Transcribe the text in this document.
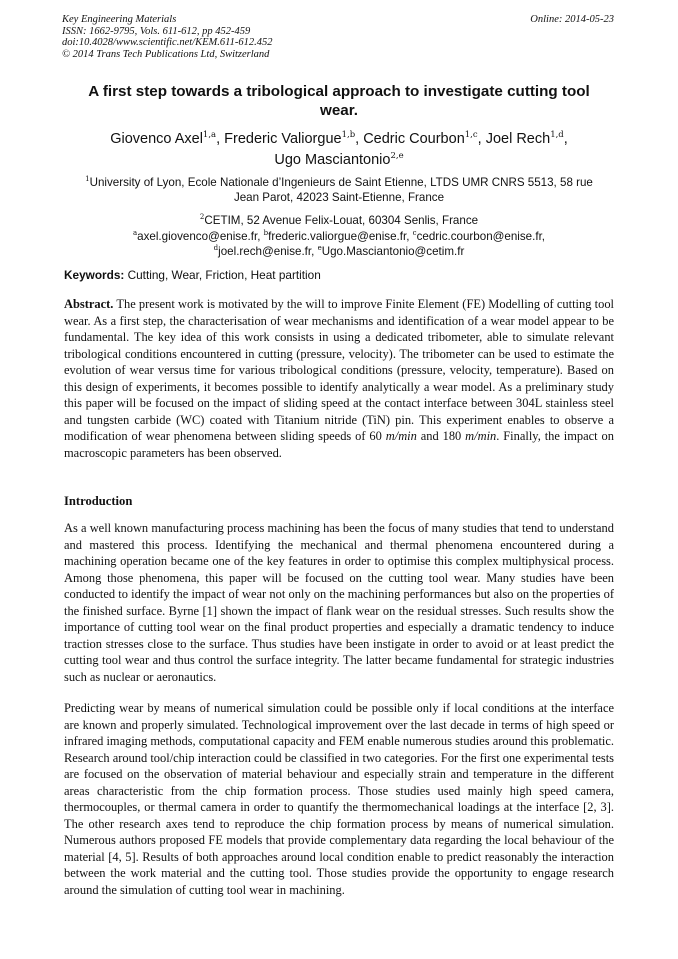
Key Engineering Materials
ISSN: 1662-9795, Vols. 611-612, pp 452-459
doi:10.4028/www.scientific.net/KEM.611-612.452
© 2014 Trans Tech Publications Ltd, Switzerland
Online: 2014-05-23
A first step towards a tribological approach to investigate cutting tool
wear.
Giovenco Axel$^{1,a}$, Frederic Valiorgue$^{1,b}$, Cedric Courbon$^{1,c}$, Joel Rech$^{1,d}$,
Ugo Masciantonio$^{2,e}$
$^1$University of Lyon, Ecole Nationale d’Ingenieurs de Saint Etienne, LTDS UMR CNRS 5513, 58 rue
Jean Parot, 42023 Saint-Etienne, France
$^2$CETIM, 52 Avenue Felix-Louat, 60304 Senlis, France
$^a$axel.giovenco@enise.fr, $^b$frederic.valiorgue@enise.fr, $^c$cedric.courbon@enise.fr,
$^d$joel.rech@enise.fr, $^e$Ugo.Masciantonio@cetim.fr
Keywords: Cutting, Wear, Friction, Heat partition
Abstract. The present work is motivated by the will to improve Finite Element (FE) Modelling of cutting tool wear. As a first step, the characterisation of wear mechanisms and identification of a wear model appear to be fundamental. The key idea of this work consists in using a dedicated tribometer, able to simulate relevant tribological conditions encountered in cutting (pressure, velocity). The tribometer can be used to estimate the evolution of wear versus time for various tribological conditions (pressure, velocity, temperature). Based on this design of experiments, it becomes possible to identify analytically a wear model. As a preliminary study this paper will be focused on the impact of sliding speed at the contact interface between 304L stainless steel and tungsten carbide (WC) coated with Titanium nitride (TiN) pin. This experiment enables to observe a modification of wear phenomena between sliding speeds of 60 m/min and 180 m/min. Finally, the impact on macroscopic parameters has been observed.
Introduction
As a well known manufacturing process machining has been the focus of many studies that tend to understand and mastered this process. Identifying the mechanical and thermal phenomena encountered during a machining operation became one of the key features in order to optimise this complex multiphysical process. Among those phenomena, this paper will be focused on the cutting tool wear. Many studies have been conducted to identify the impact of wear not only on the machining performances but also on the properties of the finished surface. Byrne [1] shown the impact of flank wear on the residual stresses. Such results show the importance of cutting tool wear on the final product properties and especially a dramatic tendency to induce traction stresses close to the surface. Thus studies have been instigate in order to avoid or at least predict the cutting tool wear and thus control the surface integrity. The latter became fundamental for strategic industries such as nuclear or aeronautics.
Predicting wear by means of numerical simulation could be possible only if local conditions at the interface are known and properly simulated. Technological improvement over the last decade in terms of high speed or infrared imaging methods, computational capacity and FEM enable numerous studies around this problematic. Research around tool/chip interaction could be classified in two categories. For the first one experimental tests are focused on the observation of material behaviour and especially strain and temperature in the different areas characteristic from the chip formation process. Those studies used mainly high speed camera, thermocouples, or thermal camera in order to quantify the thermomechanical loadings at the interface [2, 3]. The other research axes tend to reproduce the chip formation process by means of numerical simulation. Numerous authors proposed FE models that provide complementary data regarding the local behaviour of the material [4, 5]. Results of both approaches around local condition enable to predict reasonably the interaction between the work material and the cutting tool. Those studies provide the opportunity to engage research around the simulation of cutting tool wear in machining.
